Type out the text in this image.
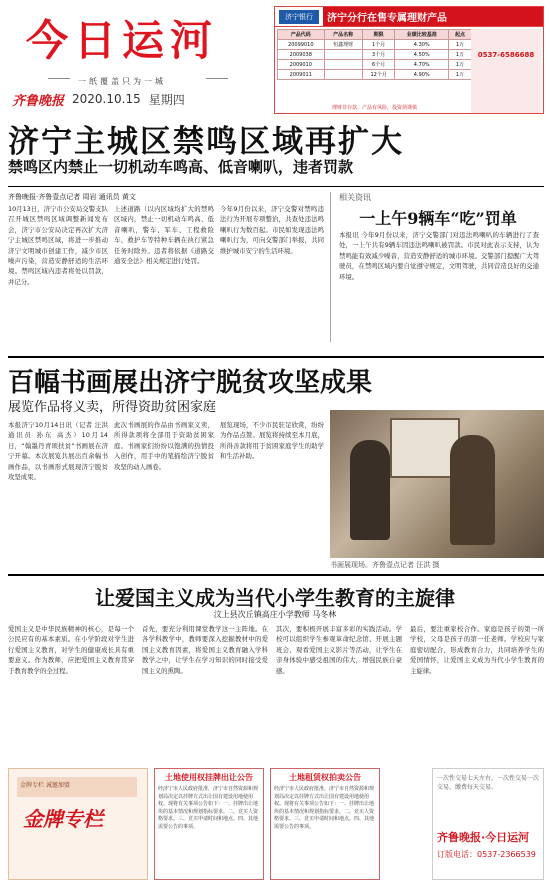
今日运河
一纸覆盖只为一城
齐鲁晚报 2020.10.15 星期四
济宁银行	济宁分行在售专属理财产品
产品代码	产品名称	期限	业绩比较基准	起点
20099010	恒鑫理财	1个月	4.30%	1万
2009038		3个月	4.50%	1万
2009010		6个月	4.70%	1万
2009011		12个月	4.90%	1万
0537-6586688
理财非存款、产品有风险，投资须谨慎
济宁主城区禁鸣区域再扩大
禁鸣区内禁止一切机动车鸣高、低音喇叭，违者罚款
齐鲁晚报·齐鲁壹点记者 周岩 通讯员 黄文
10月13日，济宁市公安局交警支队召开城区禁鸣区域调整新闻发布会，济宁市公安局决定再次扩大济宁主城区禁鸣区域，将进一步推动济宁文明城市创建工作，减少市区噪声污染，营造安静舒适的生活环境。禁鸣区域内违者将处以罚款，并记分。
上述道路（以内区域均扩大的禁鸣区域内，禁止一切机动车鸣高、低音喇叭，警车、军车、工程救险车、救护车等特种车辆在执行紧急任务时除外。违者将依据《道路交通安全法》相关规定进行处罚。
今年9月份以来，济宁交警对禁鸣违法行为开展专项整治，共查处违法鸣喇叭行为数百起。市民如发现违法鸣喇叭行为，可向交警部门举报，共同维护城市安宁的生活环境。
相关资讯
一上午9辆车“吃”罚单
本报讯 今年9月份以来，济宁交警部门对违法鸣喇叭的车辆进行了查处，一上午共有9辆车因违法鸣喇叭被罚款。市民对此表示支持，认为禁鸣能有效减少噪音，营造安静舒适的城市环境。交警部门提醒广大驾驶员，在禁鸣区域内要自觉遵守规定，文明驾驶，共同营造良好的交通环境。
百幅书画展出济宁脱贫攻坚成果
展览作品将义卖，所得资助贫困家庭
本报济宁10月14日讯（记者 汪洪 通讯员 孙东 高杰）10月14日，“翰墨丹青颂扶贫”书画展在济宁开幕。本次展览共展出百余幅书画作品，以书画形式展现济宁脱贫攻坚成果。
此次书画展的作品由书画家义卖，所得款项将全部用于资助贫困家庭。书画家们纷纷以饱满的热情投入创作，用手中的笔描绘济宁脱贫攻坚的动人画卷。
展览现场，不少市民驻足欣赏，纷纷为作品点赞。展览将持续至本月底，所得善款将用于贫困家庭学生的助学和生活补助。
书画展现场。齐鲁壹点记者 汪洪 摄
让爱国主义成为当代小学生教育的主旋律
汶上县次丘镇高庄小学教师 马冬林
爱国主义是中华民族精神的核心，是每一个公民应有的基本素质。在小学阶段对学生进行爱国主义教育，对学生的健康成长具有重要意义。作为教师，应把爱国主义教育贯穿于教育教学的全过程。
首先，要充分利用课堂教学这一主阵地。在各学科教学中，教师要深入挖掘教材中的爱国主义教育因素，将爱国主义教育融入学科教学之中，让学生在学习知识的同时接受爱国主义的熏陶。
其次，要积极开展丰富多彩的实践活动。学校可以组织学生参观革命纪念馆、开展主题班会、观看爱国主义影片等活动，让学生在亲身体验中感受祖国的伟大，增强民族自豪感。
最后，要注重家校合作。家庭是孩子的第一所学校，父母是孩子的第一任老师。学校应与家庭密切配合，形成教育合力，共同培养学生的爱国情怀，让爱国主义成为当代小学生教育的主旋律。
金牌专栏 诚邀加盟
金牌专栏
土地使用权挂牌出让公告
经济宁市人民政府批准，济宁市自然资源和规划局决定以挂牌方式出让国有建设用地使用权。现将有关事项公告如下：一、挂牌出让地块的基本情况和规划指标要求。二、竞买人资格要求。三、竞买申请时间和地点。四、其他需要公告的事项。
土地租赁权拍卖公告
经济宁市人民政府批准，济宁市自然资源和规划局决定以挂牌方式出让国有建设用地使用权。现将有关事项公告如下：一、挂牌出让地块的基本情况和规划指标要求。二、竞买人资格要求。三、竞买申请时间和地点。四、其他需要公告的事项。
一次性交易七天左右，一次性交易一次交易，缴费每天交易。
齐鲁晚报·今日运河
订版电话：0537-2366539
